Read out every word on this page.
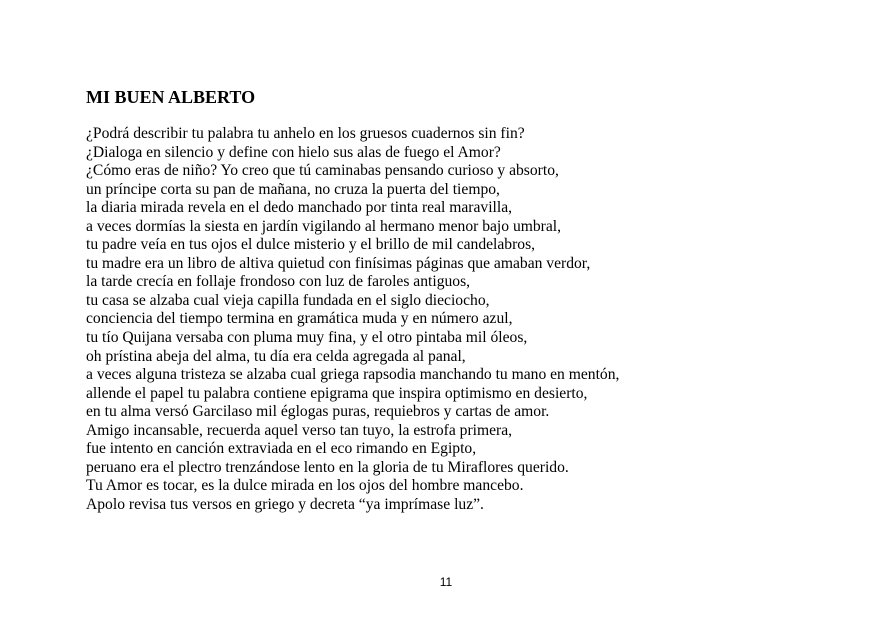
MI BUEN ALBERTO
¿Podrá describir tu palabra tu anhelo en los gruesos cuadernos sin fin?
¿Dialoga en silencio y define con hielo sus alas de fuego el Amor?
¿Cómo eras de niño? Yo creo que tú caminabas pensando curioso y absorto,
un príncipe corta su pan de mañana, no cruza la puerta del tiempo,
la diaria mirada revela en el dedo manchado por tinta real maravilla,
a veces dormías la siesta en jardín vigilando al hermano menor bajo umbral,
tu padre veía en tus ojos el dulce misterio y el brillo de mil candelabros,
tu madre era un libro de altiva quietud con finísimas páginas que amaban verdor,
la tarde crecía en follaje frondoso con luz de faroles antiguos,
tu casa se alzaba cual vieja capilla fundada en el siglo dieciocho,
conciencia del tiempo termina en gramática muda y en número azul,
tu tío Quijana versaba con pluma muy fina, y el otro pintaba mil óleos,
oh prístina abeja del alma, tu día era celda agregada al panal,
a veces alguna tristeza se alzaba cual griega rapsodia manchando tu mano en mentón,
allende el papel tu palabra contiene epigrama que inspira optimismo en desierto,
en tu alma versó Garcilaso mil églogas puras, requiebros y cartas de amor.
Amigo incansable, recuerda aquel verso tan tuyo, la estrofa primera,
fue intento en canción extraviada en el eco rimando en Egipto,
peruano era el plectro trenzándose lento en la gloria de tu Miraflores querido.
Tu Amor es tocar, es la dulce mirada en los ojos del hombre mancebo.
Apolo revisa tus versos en griego y decreta “ya imprímase luz”.
11
